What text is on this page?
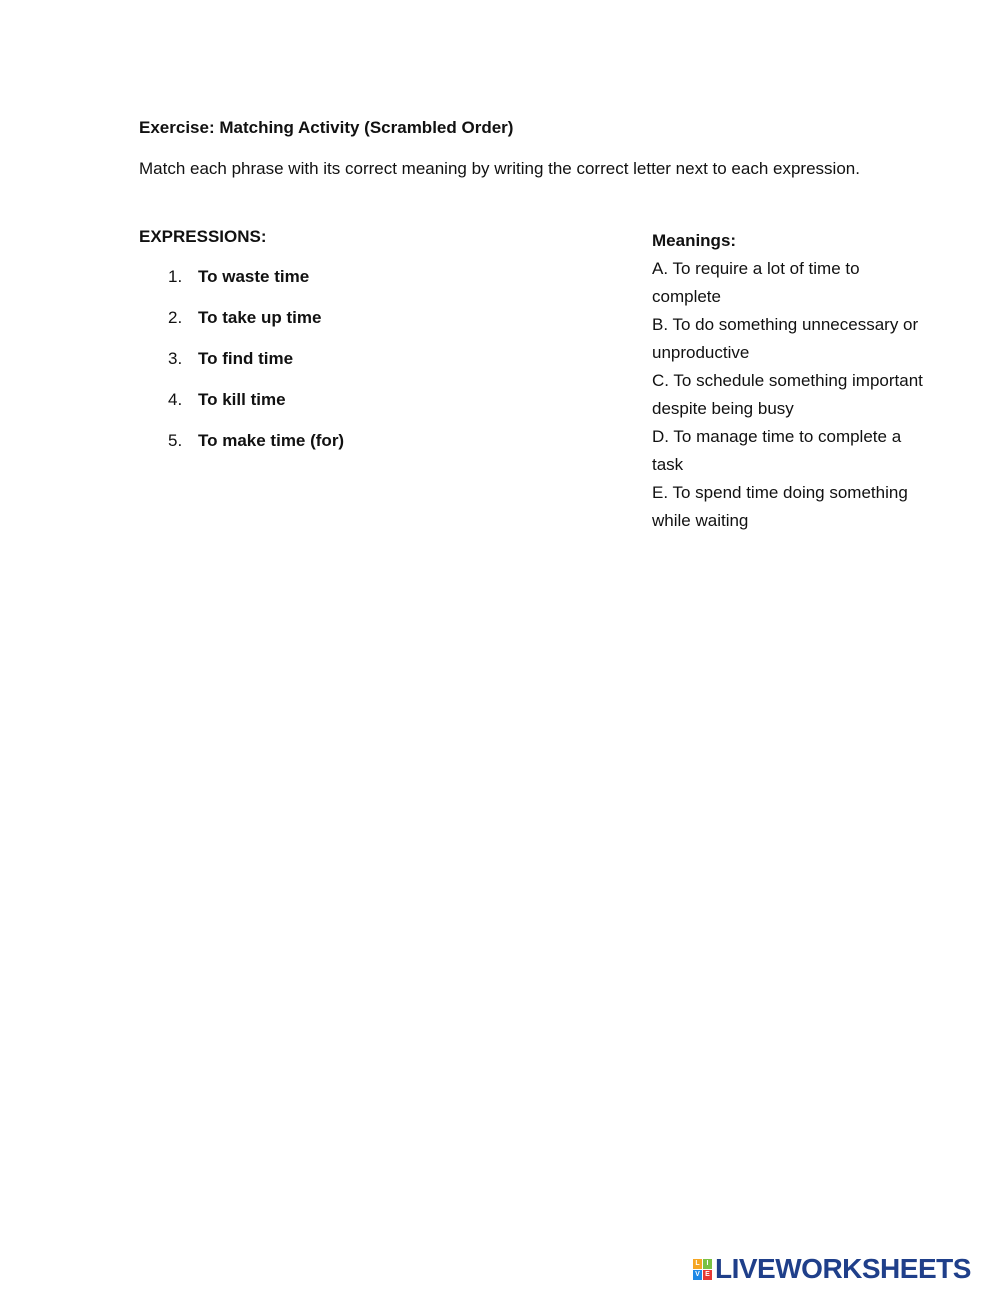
Exercise: Matching Activity (Scrambled Order)

Match each phrase with its correct meaning by writing the correct letter next to each expression.

EXPRESSIONS:

1. To waste time
2. To take up time
3. To find time
4. To kill time
5. To make time (for)

Meanings:

A. To require a lot of time to complete

B. To do something unnecessary or unproductive

C. To schedule something important despite being busy

D. To manage time to complete a task

E. To spend time doing something while waiting

L I
V E LIVEWORKSHEETS
